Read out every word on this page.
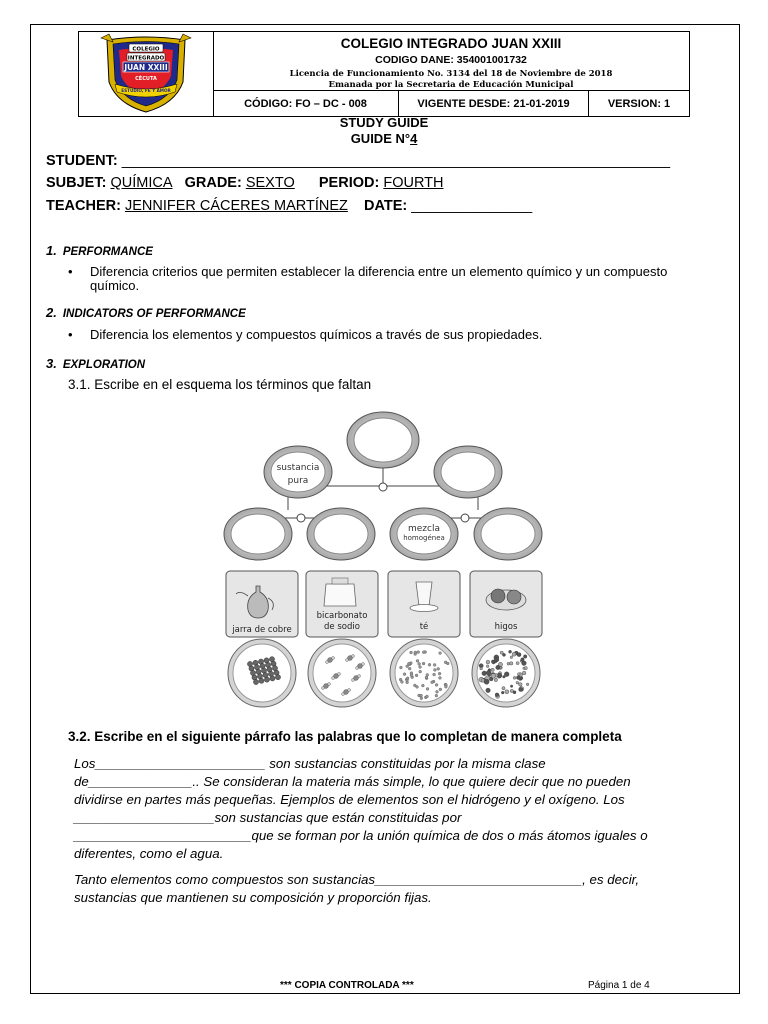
COLEGIO
INTEGRADO
JUAN XXIII
CÉCUTA
ESTUDIO, FE Y AMOR
COLEGIO INTEGRADO JUAN XXIII
CODIGO DANE: 354001001732
Licencia de Funcionamiento No. 3134 del 18 de Noviembre de 2018
Emanada por la Secretaria de Educación Municipal
CÓDIGO: FO – DC - 008	VIGENTE DESDE: 21-01-2019	VERSION: 1
STUDY GUIDE
GUIDE N°4
STUDENT: ____________________________________________________________________
SUBJET: QUÍMICA GRADE: SEXTO PERIOD: FOURTH
TEACHER: JENNIFER CÁCERES MARTÍNEZ DATE: _______________
1. PERFORMANCE
• Diferencia criterios que permiten establecer la diferencia entre un elemento químico y un compuesto químico.
2. INDICATORS OF PERFORMANCE
• Diferencia los elementos y compuestos químicos a través de sus propiedades.
3. EXPLORATION
3.1. Escribe en el esquema los términos que faltan
sustancia
pura
mezcla
homogénea
jarra de cobre
bicarbonato
de sodio	té	higos
3.2. Escribe en el siguiente párrafo las palabras que lo completan de manera completa
Los_______________________ son sustancias constituidas por la misma clase
de______________.. Se consideran la materia más simple, lo que quiere decir que no pueden
dividirse en partes más pequeñas. Ejemplos de elementos son el hidrógeno y el oxígeno. Los
___________________son sustancias que están constituidas por
________________________que se forman por la unión química de dos o más átomos iguales o
diferentes, como el agua.
Tanto elementos como compuestos son sustancias____________________________, es decir,
sustancias que mantienen su composición y proporción fijas.
*** COPIA CONTROLADA ***	Página 1 de 4
